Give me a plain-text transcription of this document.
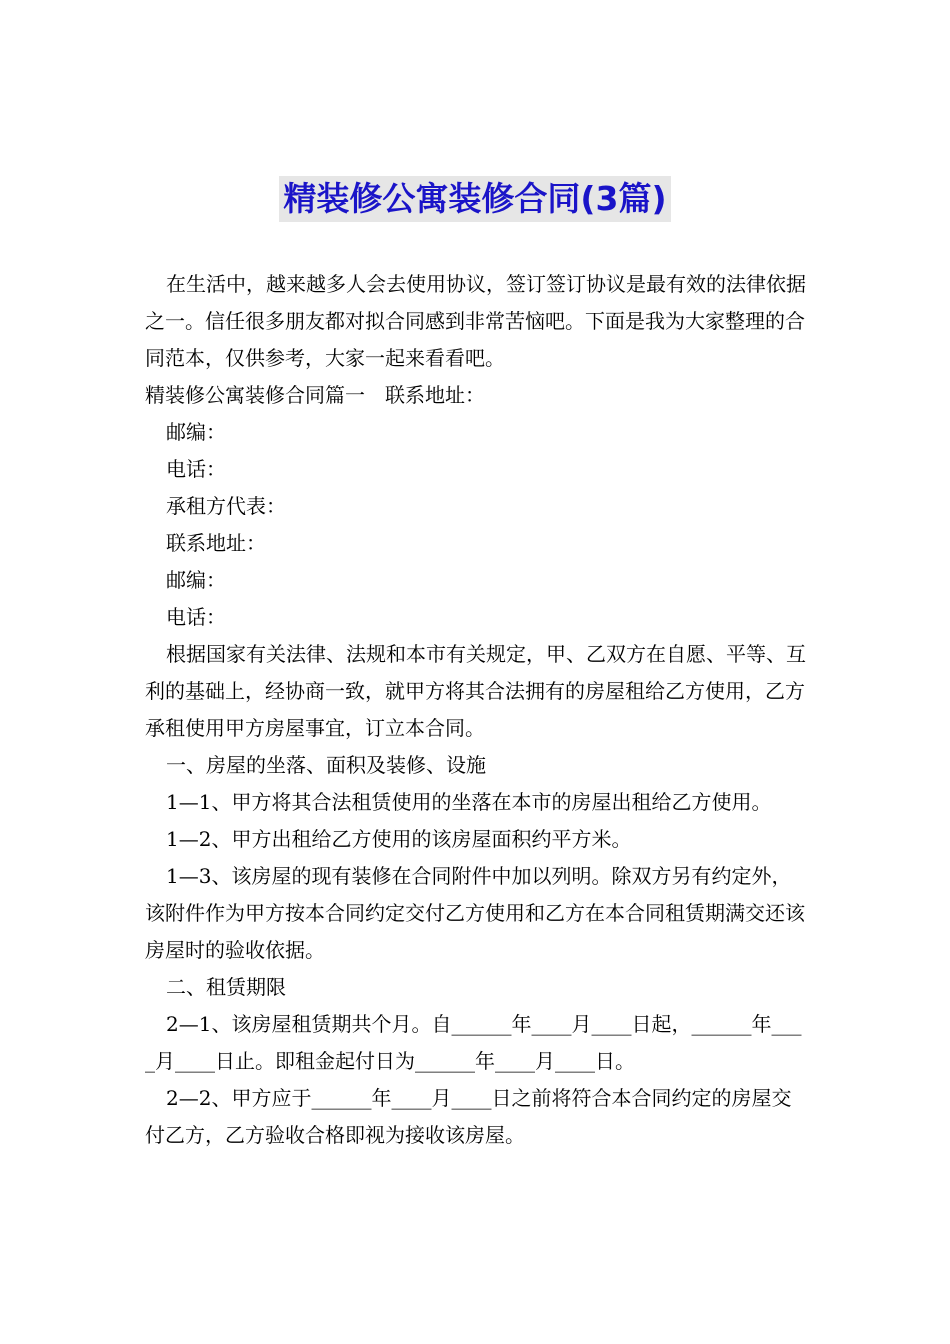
精装修公寓装修合同(3篇)

在生活中，越来越多人会去使用协议，签订签订协议是最有效的法律依据之一。信任很多朋友都对拟合同感到非常苦恼吧。下面是我为大家整理的合同范本，仅供参考，大家一起来看看吧。

精装修公寓装修合同篇一　联系地址：

邮编：

电话：

承租方代表：

联系地址：

邮编：

电话：

根据国家有关法律、法规和本市有关规定，甲、乙双方在自愿、平等、互利的基础上，经协商一致，就甲方将其合法拥有的房屋租给乙方使用，乙方承租使用甲方房屋事宜，订立本合同。

一、房屋的坐落、面积及装修、设施

1—1、甲方将其合法租赁使用的坐落在本市的房屋出租给乙方使用。

1—2、甲方出租给乙方使用的该房屋面积约平方米。

1—3、该房屋的现有装修在合同附件中加以列明。除双方另有约定外，该附件作为甲方按本合同约定交付乙方使用和乙方在本合同租赁期满交还该房屋时的验收依据。

二、租赁期限

2—1、该房屋租赁期共个月。自______年____月____日起，______年____月____日止。即租金起付日为______年____月____日。

2—2、甲方应于______年____月____日之前将符合本合同约定的房屋交付乙方，乙方验收合格即视为接收该房屋。
